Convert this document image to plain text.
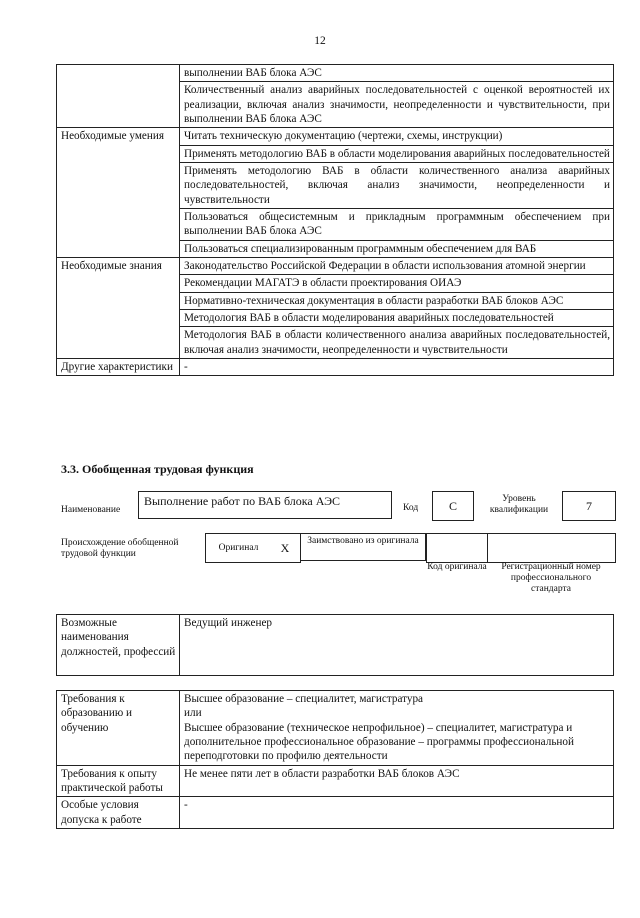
12
	выполнении ВАБ блока АЭС
	Количественный анализ аварийных последовательностей с оценкой вероятностей их реализации, включая анализ значимости, неопределенности и чувствительности, при выполнении ВАБ блока АЭС
Необходимые умения	Читать техническую документацию (чертежи, схемы, инструкции)
	Применять методологию ВАБ в области моделирования аварийных последовательностей
	Применять методологию ВАБ в области количественного анализа аварийных последовательностей, включая анализ значимости, неопределенности и чувствительности
	Пользоваться общесистемным и прикладным программным обеспечением при выполнении ВАБ блока АЭС
	Пользоваться специализированным программным обеспечением для ВАБ
Необходимые знания	Законодательство Российской Федерации в области использования атомной энергии
	Рекомендации МАГАТЭ в области проектирования ОИАЭ
	Нормативно-техническая документация в области разработки ВАБ блоков АЭС
	Методология ВАБ в области моделирования аварийных последовательностей
	Методология ВАБ в области количественного анализа аварийных последовательностей, включая анализ значимости, неопределенности и чувствительности
Другие характеристики	-
3.3. Обобщенная трудовая функция
Наименование
Выполнение работ по ВАБ блока АЭС	Код	C	Уровень квалификации	7
Происхождение обобщенной трудовой функции
Оригинал	X	Заимствовано из оригинала
Код оригинала	Регистрационный номер профессионального стандарта
Возможные наименования должностей, профессий	Ведущий инженер
Требования к образованию и обучению	Высшее образование – специалитет, магистратура
или
Высшее образование (техническое непрофильное) – специалитет, магистратура и дополнительное профессиональное образование – программы профессиональной переподготовки по профилю деятельности

Требования к опыту практической работы	Не менее пяти лет в области разработки ВАБ блоков АЭС
Особые условия допуска к работе	-
